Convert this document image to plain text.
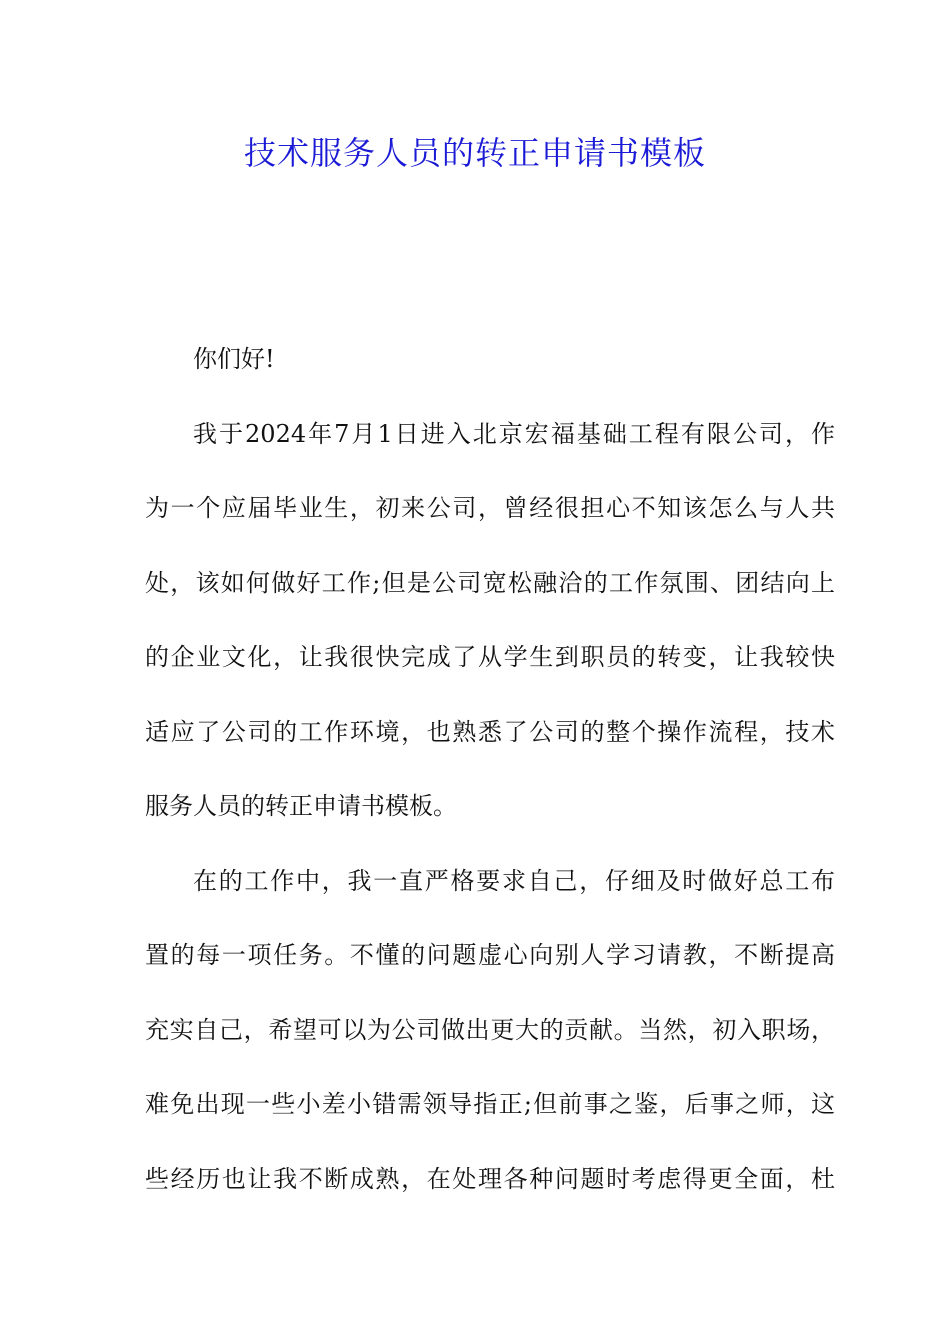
技术服务人员的转正申请书模板
你们好!
我于2024年7月1日进入北京宏福基础工程有限公司，作
为一个应届毕业生，初来公司，曾经很担心不知该怎么与人共
处，该如何做好工作;但是公司宽松融洽的工作氛围、团结向上
的企业文化，让我很快完成了从学生到职员的转变，让我较快
适应了公司的工作环境，也熟悉了公司的整个操作流程，技术
服务人员的转正申请书模板。
在的工作中，我一直严格要求自己，仔细及时做好总工布
置的每一项任务。不懂的问题虚心向别人学习请教，不断提高
充实自己，希望可以为公司做出更大的贡献。当然，初入职场，
难免出现一些小差小错需领导指正;但前事之鉴，后事之师，这
些经历也让我不断成熟，在处理各种问题时考虑得更全面，杜
